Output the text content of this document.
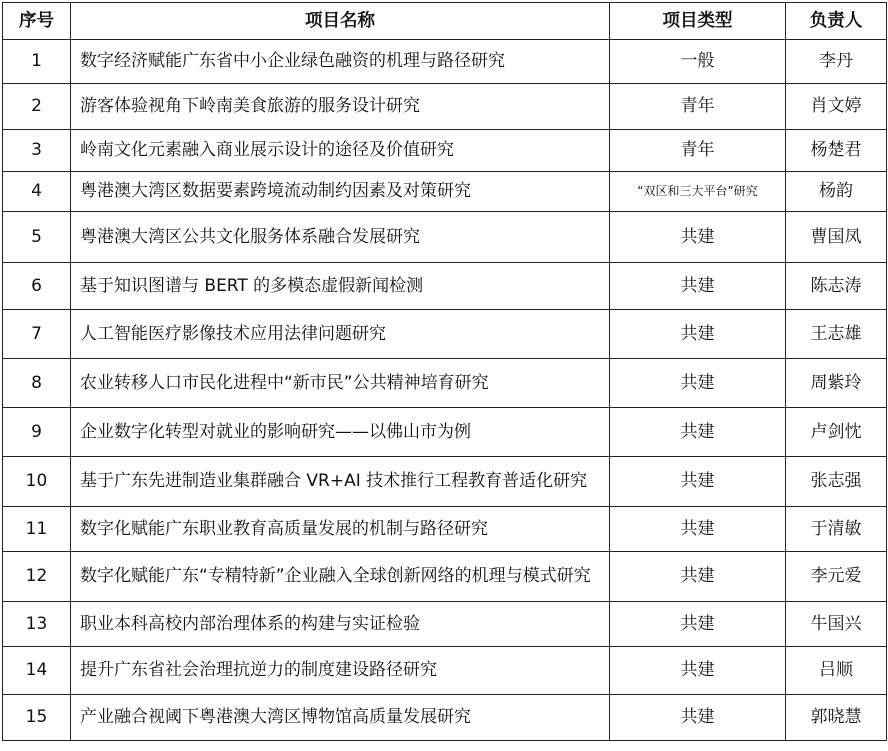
序号	项目名称	项目类型	负责人
1	数字经济赋能广东省中小企业绿色融资的机理与路径研究	一般	李丹
2	游客体验视角下岭南美食旅游的服务设计研究	青年	肖文婷
3	岭南文化元素融入商业展示设计的途径及价值研究	青年	杨楚君
4	粤港澳大湾区数据要素跨境流动制约因素及对策研究	“双区和三大平台”研究	杨韵
5	粤港澳大湾区公共文化服务体系融合发展研究	共建	曹国凤
6	基于知识图谱与 BERT 的多模态虚假新闻检测	共建	陈志涛
7	人工智能医疗影像技术应用法律问题研究	共建	王志雄
8	农业转移人口市民化进程中“新市民”公共精神培育研究	共建	周紫玲
9	企业数字化转型对就业的影响研究——以佛山市为例	共建	卢剑忱
10	基于广东先进制造业集群融合 VR+AI 技术推行工程教育普适化研究	共建	张志强
11	数字化赋能广东职业教育高质量发展的机制与路径研究	共建	于清敏
12	数字化赋能广东“专精特新”企业融入全球创新网络的机理与模式研究	共建	李元爱
13	职业本科高校内部治理体系的构建与实证检验	共建	牛国兴
14	提升广东省社会治理抗逆力的制度建设路径研究	共建	吕顺
15	产业融合视阈下粤港澳大湾区博物馆高质量发展研究	共建	郭晓慧
